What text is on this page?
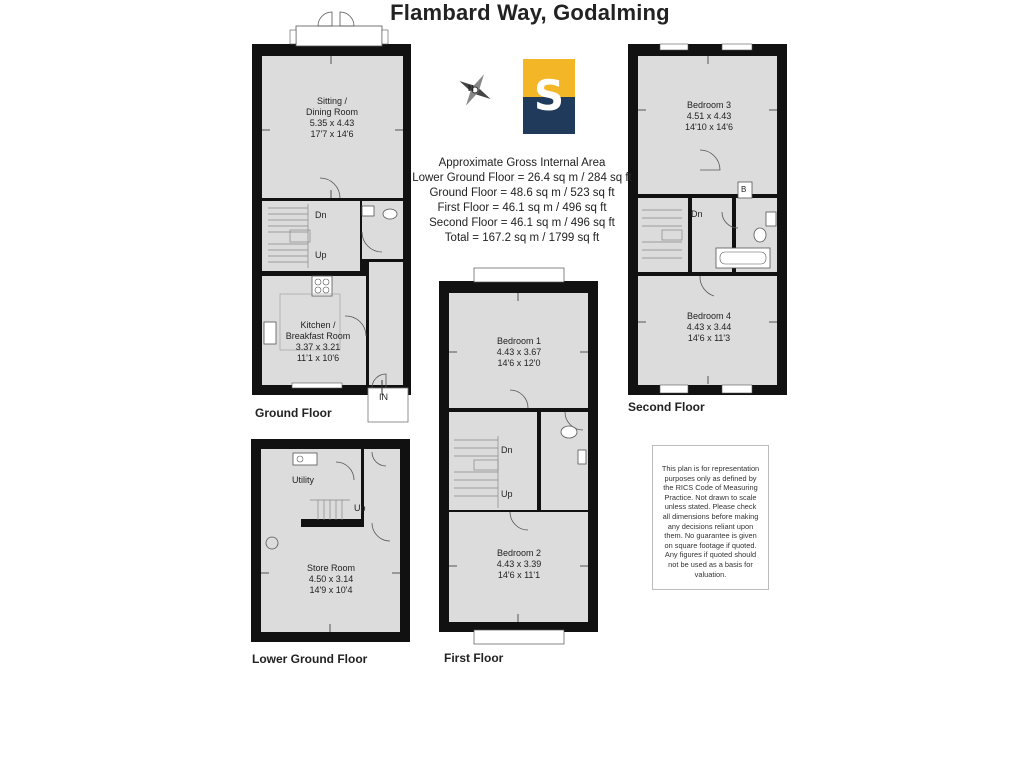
Flambard Way, Godalming
N S
Approximate Gross Internal Area
Lower Ground Floor = 26.4 sq m / 284 sq ft
Ground Floor = 48.6 sq m / 523 sq ft
First Floor = 46.1 sq m / 496 sq ft
Second Floor = 46.1 sq m / 496 sq ft
Total = 167.2 sq m / 1799 sq ft
Sitting /
Dining Room
5.35 x 4.43
17'7 x 14'6
Dn
Up
Kitchen /
Breakfast Room
3.37 x 3.21
11'1 x 10'6
IN
Ground Floor
Utility
Up
Store Room
4.50 x 3.14
14'9 x 10'4
Lower Ground Floor
Bedroom 1
4.43 x 3.67
14'6 x 12'0
Dn
Up
Bedroom 2
4.43 x 3.39
14'6 x 11'1
First Floor
Bedroom 3
4.51 x 4.43
14'10 x 14'6
Dn
B
Bedroom 4
4.43 x 3.44
14'6 x 11'3
Second Floor
This plan is for representation purposes only as defined by the RICS Code of Measuring Practice. Not drawn to scale unless stated. Please check all dimensions before making any decisions reliant upon them. No guarantee is given on square footage if quoted. Any figures if quoted should not be used as a basis for valuation.
